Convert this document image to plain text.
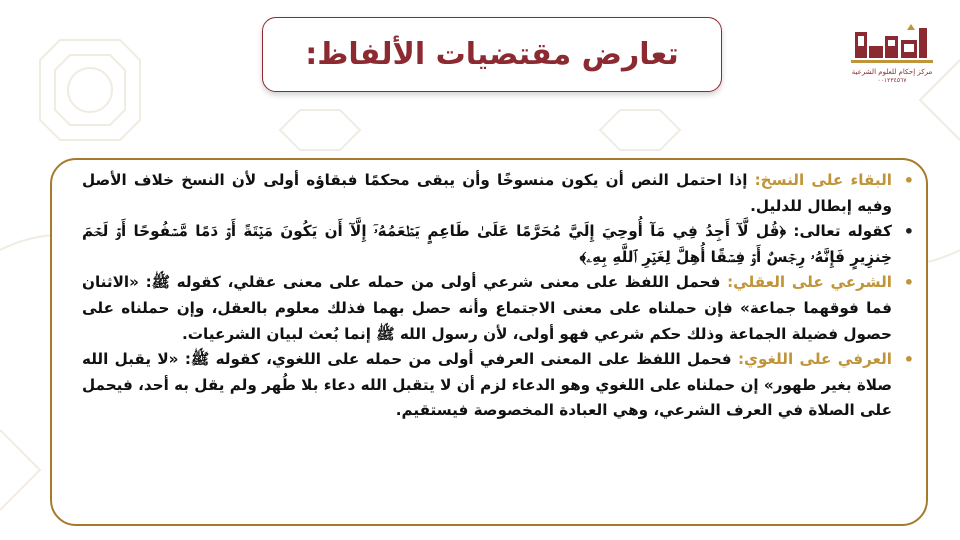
تعارض مقتضيات الألفاظ:	مركز إحكام للعلوم الشرعية
٠٠١٢٣٤٥٦٧
•
البقاء على النسخ: إذا احتمل النص أن يكون منسوخًا وأن يبقى محكمًا فبقاؤه أولى لأن النسخ خلاف الأصل وفيه إبطال للدليل.
•
كقوله تعالى: ﴿قُل لَّآ أَجِدُ فِي مَآ أُوحِيَ إِلَيَّ مُحَرَّمًا عَلَىٰ طَاعِمٍ يَطۡعَمُهُۥٓ إِلَّآ أَن يَكُونَ مَيۡتَةً أَوۡ دَمًا مَّسۡفُوحًا أَوۡ لَحۡمَ خِنزِيرٍ فَإِنَّهُۥ رِجۡسٌ أَوۡ فِسۡقًا أُهِلَّ لِغَيۡرِ ٱللَّهِ بِهِۦ﴾
•
الشرعي على العقلي: فحمل اللفظ على معنى شرعي أولى من حمله على معنى عقلي، كقوله ﷺ: «الاثنان فما فوقهما جماعة» فإن حملناه على معنى الاجتماع وأنه حصل بهما فذلك معلوم بالعقل، وإن حملناه على حصول فضيلة الجماعة وذلك حكم شرعي فهو أولى، لأن رسول الله ﷺ إنما بُعث لبيان الشرعيات.
•
العرفي على اللغوي: فحمل اللفظ على المعنى العرفي أولى من حمله على اللغوي، كقوله ﷺ: «لا يقبل الله صلاة بغير طهور» إن حملناه على اللغوي وهو الدعاء لزم أن لا يتقبل الله دعاء بلا طُهر ولم يقل به أحد، فيحمل على الصلاة في العرف الشرعي، وهي العبادة المخصوصة فيستقيم.
